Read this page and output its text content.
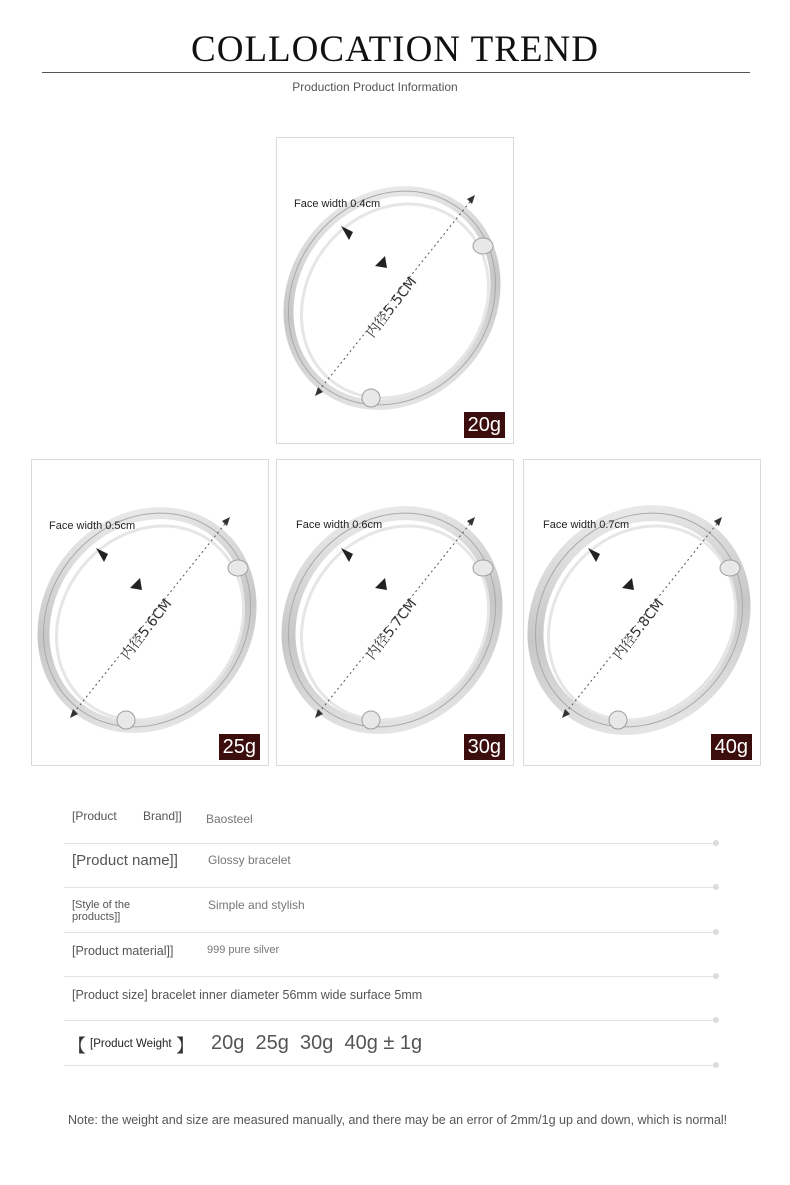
COLLOCATION TREND
Production Product Information
内径5.5CM
Face width 0.4cm
20g
内径5.6CM
Face width 0.5cm
25g
内径5.7CM
Face width 0.6cm
30g
内径5.8CM
Face width 0.7cm
40g
[Product Brand]] Baosteel
[Product name]]	Glossy bracelet
[Style of the products]]
Simple and stylish
[Product material]]	999 pure silver
[Product size] bracelet inner diameter 56mm wide surface 5mm
【 [Product Weight 】 20g  25g  30g  40g ± 1g
Note: the weight and size are measured manually, and there may be an error of 2mm/1g up and down, which is normal!
